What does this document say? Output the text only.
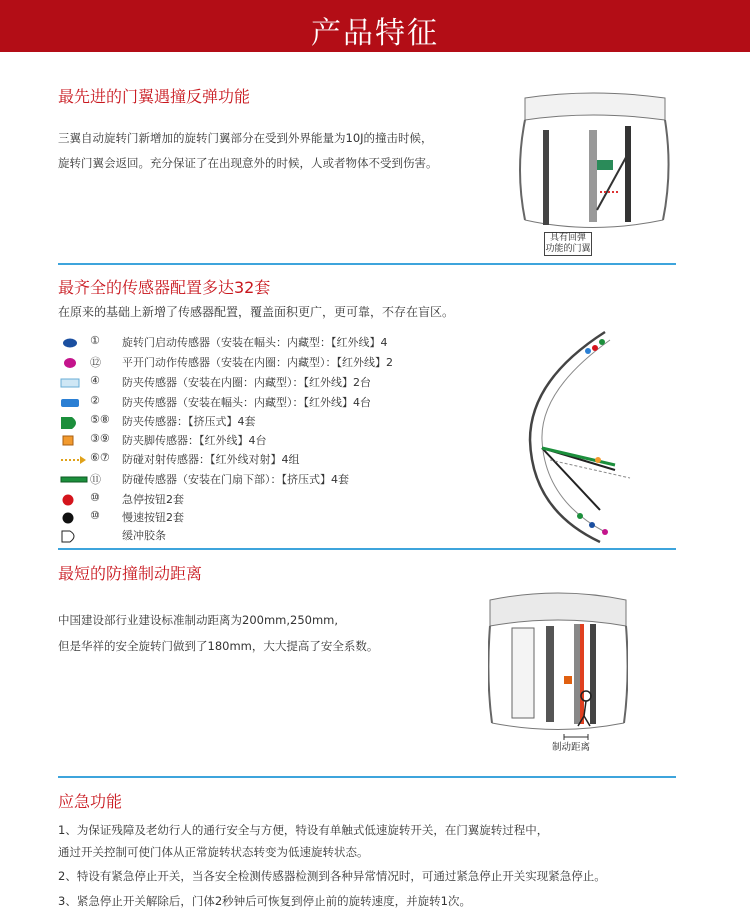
产品特征
最先进的门翼遇撞反弹功能
三翼自动旋转门新增加的旋转门翼部分在受到外界能量为10J的撞击时候，
旋转门翼会返回。充分保证了在出现意外的时候，人或者物体不受到伤害。
具有回弹
功能的门翼
最齐全的传感器配置多达32套
在原来的基础上新增了传感器配置，覆盖面积更广，更可靠，不存在盲区。
① 旋转门启动传感器（安装在幅头：内藏型：【红外线】4
⑫ 平开门动作传感器（安装在内圈：内藏型）：【红外线】2
④ 防夹传感器（安装在内圈：内藏型）：【红外线】2台
② 防夹传感器（安装在幅头：内藏型）：【红外线】4台
⑤⑧ 防夹传感器：【挤压式】4套
③⑨ 防夹脚传感器：【红外线】4台
⑥⑦ 防碰对射传感器：【红外线对射】4组
⑪ 防碰传感器（安装在门扇下部）：【挤压式】4套
⑩ 急停按钮2套
⑩ 慢速按钮2套
缓冲胶条
最短的防撞制动距离
中国建设部行业建设标准制动距离为200mm,250mm,
但是华祥的安全旋转门做到了180mm，大大提高了安全系数。
制动距离
应急功能
1、为保证残障及老幼行人的通行安全与方便，特设有单触式低速旋转开关，在门翼旋转过程中，
通过开关控制可使门体从正常旋转状态转变为低速旋转状态。
2、特设有紧急停止开关，当各安全检测传感器检测到各种异常情况时，可通过紧急停止开关实现紧急停止。
3、紧急停止开关解除后，门体2秒钟后可恢复到停止前的旋转速度，并旋转1次。
